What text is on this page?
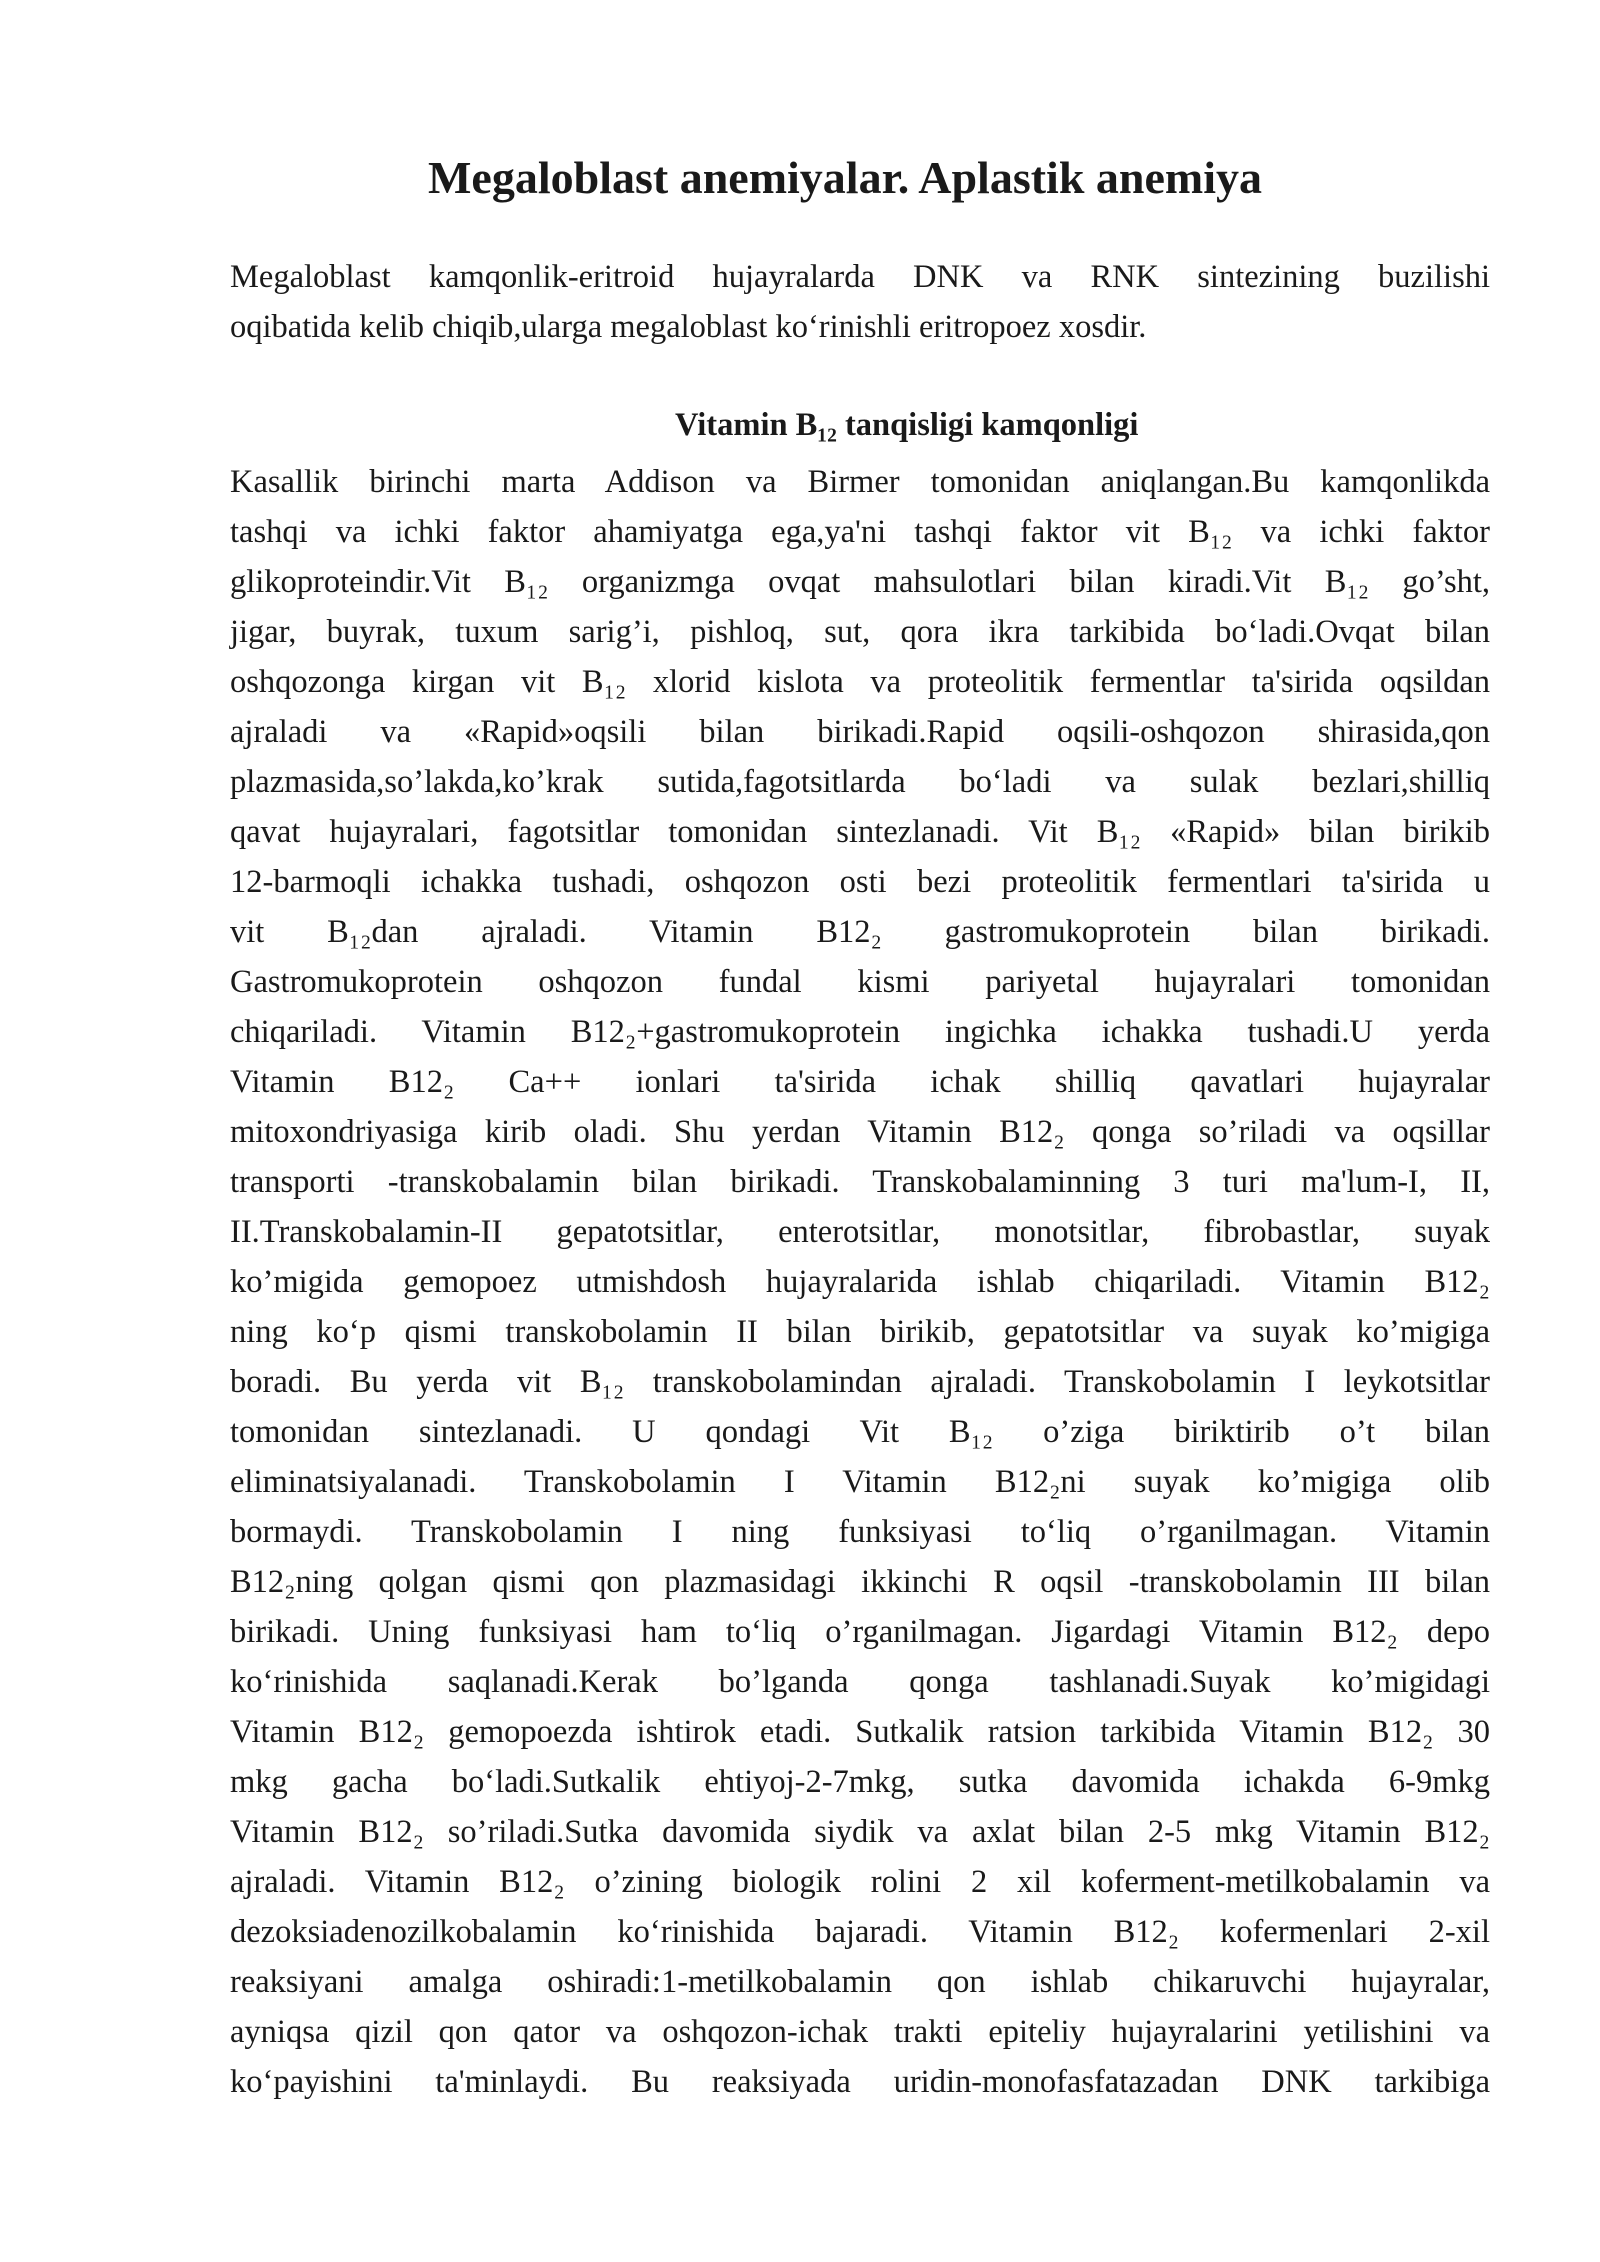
Megaloblast anemiyalar. Aplastik anemiya
Megaloblast kamqonlik-eritroid hujayralarda DNK va RNK sintezining buzilishi
oqibatida kelib chiqib,ularga megaloblast ko‘rinishli eritropoez xosdir.
Vitamin B₁₂ tanqisligi kamqonligi
Kasallik birinchi marta Addison va Birmer tomonidan aniqlangan.Bu kamqonlikda
tashqi va ichki faktor ahamiyatga ega,ya'ni tashqi faktor vit B₁₂ va ichki faktor
glikoproteindir.Vit B₁₂ organizmga ovqat mahsulotlari bilan kiradi.Vit B₁₂ go’sht,
jigar, buyrak, tuxum sarig’i, pishloq, sut, qora ikra tarkibida bo‘ladi.Ovqat bilan
oshqozonga kirgan vit B₁₂ xlorid kislota va proteolitik fermentlar ta'sirida oqsildan
ajraladi va «Rapid»oqsili bilan birikadi.Rapid oqsili-oshqozon shirasida,qon
plazmasida,so’lakda,ko’krak sutida,fagotsitlarda bo‘ladi va sulak bezlari,shilliq
qavat hujayralari, fagotsitlar tomonidan sintezlanadi. Vit B₁₂ «Rapid» bilan birikib
12-barmoqli ichakka tushadi, oshqozon osti bezi proteolitik fermentlari ta'sirida u
vit B₁₂dan ajraladi. Vitamin B12₂ gastromukoprotein bilan birikadi.
Gastromukoprotein oshqozon fundal kismi pariyetal hujayralari tomonidan
chiqariladi. Vitamin B12₂+gastromukoprotein ingichka ichakka tushadi.U yerda
Vitamin B12₂ Ca++ ionlari ta'sirida ichak shilliq qavatlari hujayralar
mitoxondriyasiga kirib oladi. Shu yerdan Vitamin B12₂ qonga so’riladi va oqsillar
transporti -transkobalamin bilan birikadi. Transkobalaminning 3 turi ma'lum-I, II,
II.Transkobalamin-II gepatotsitlar, enterotsitlar, monotsitlar, fibrobastlar, suyak
ko’migida gemopoez utmishdosh hujayralarida ishlab chiqariladi. Vitamin B12₂
ning ko‘p qismi transkobolamin II bilan birikib, gepatotsitlar va suyak ko’migiga
boradi. Bu yerda vit B₁₂ transkobolamindan ajraladi. Transkobolamin I leykotsitlar
tomonidan sintezlanadi. U qondagi Vit B₁₂ o’ziga biriktirib o’t bilan
eliminatsiyalanadi. Transkobolamin I Vitamin B12₂ni suyak ko’migiga olib
bormaydi. Transkobolamin I ning funksiyasi to‘liq o’rganilmagan. Vitamin
B12₂ning qolgan qismi qon plazmasidagi ikkinchi R oqsil -transkobolamin III bilan
birikadi. Uning funksiyasi ham to‘liq o’rganilmagan. Jigardagi Vitamin B12₂ depo
ko‘rinishida saqlanadi.Kerak bo’lganda qonga tashlanadi.Suyak ko’migidagi
Vitamin B12₂ gemopoezda ishtirok etadi. Sutkalik ratsion tarkibida Vitamin B12₂ 30
mkg gacha bo‘ladi.Sutkalik ehtiyoj-2-7mkg, sutka davomida ichakda 6-9mkg
Vitamin B12₂ so’riladi.Sutka davomida siydik va axlat bilan 2-5 mkg Vitamin B12₂
ajraladi. Vitamin B12₂ o’zining biologik rolini 2 xil koferment-metilkobalamin va
dezoksiadenozilkobalamin ko‘rinishida bajaradi. Vitamin B12₂ kofermenlari 2-xil
reaksiyani amalga oshiradi:1-metilkobalamin qon ishlab chikaruvchi hujayralar,
ayniqsa qizil qon qator va oshqozon-ichak trakti epiteliy hujayralarini yetilishini va
ko‘payishini ta'minlaydi. Bu reaksiyada uridin-monofasfatazadan DNK tarkibiga
